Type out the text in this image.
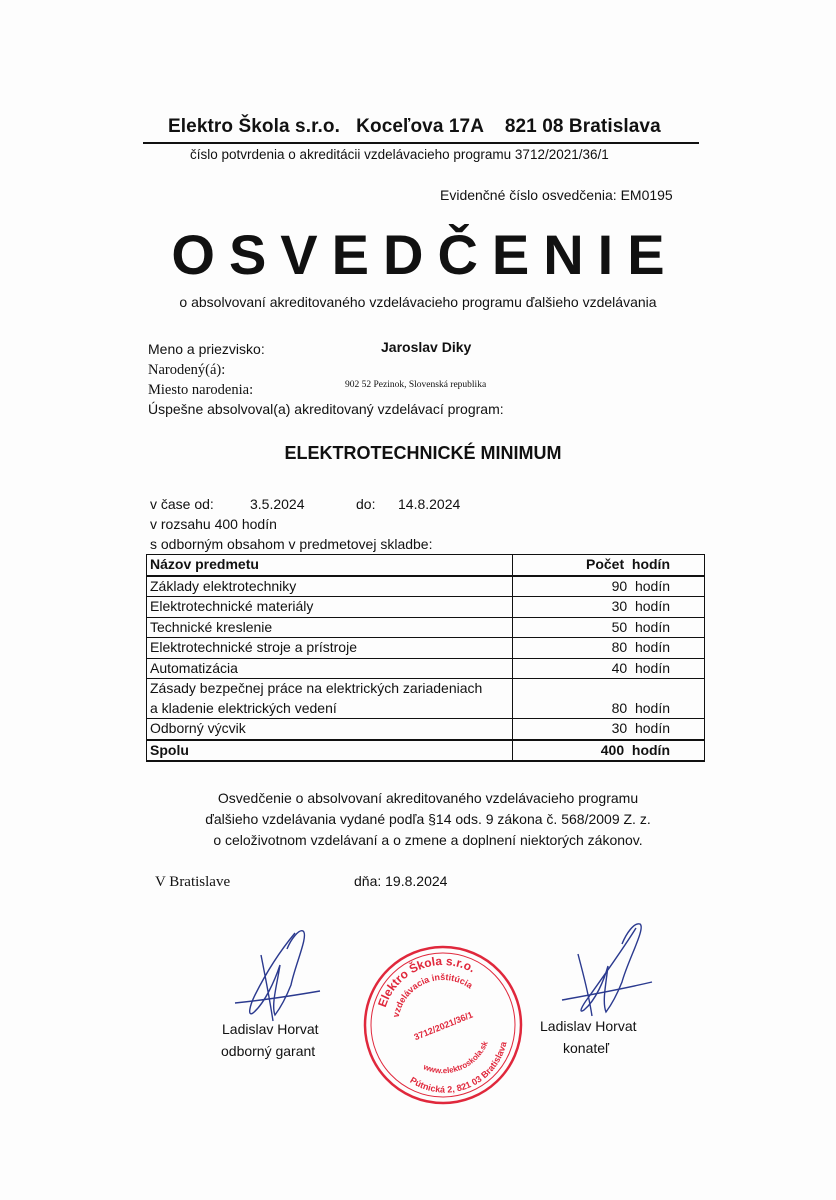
Elektro Škola s.r.o. Koceľova 17A 821 08 Bratislava
číslo potvrdenia o akreditácii vzdelávacieho programu 3712/2021/36/1
Evidenčné číslo osvedčenia: EM0195
OSVEDČENIE
o absolvovaní akreditovaného vzdelávacieho programu ďalšieho vzdelávania
Meno a priezvisko:	Jaroslav Diky
Narodený(á):
Miesto narodenia:	902 52 Pezinok, Slovenská republika
Úspešne absolvoval(a) akreditovaný vzdelávací program:
ELEKTROTECHNICKÉ MINIMUM
v čase od:	3.5.2024	do: 14.8.2024
v rozsahu 400 hodín
s odborným obsahom v predmetovej skladbe:
Názov predmetu	Počet  hodín
Základy elektrotechniky	90  hodín
Elektrotechnické materiály	30  hodín
Technické kreslenie	50  hodín
Elektrotechnické stroje a prístroje	80  hodín
Automatizácia	40  hodín
Zásady bezpečnej práce na elektrických zariadeniach	
a kladenie elektrických vedení	80  hodín
Odborný výcvik	30  hodín
Spolu	400  hodín
Osvedčenie o absolvovaní akreditovaného vzdelávacieho programu
ďalšieho vzdelávania vydané podľa §14 ods. 9 zákona č. 568/2009 Z. z.
o celoživotnom vzdelávaní a o zmene a doplnení niektorých zákonov.
V Bratislave	dňa: 19.8.2024
Ladislav Horvat
odborný garant
Elektro Škola s.r.o.
vzdelávacia inštitúcia
3712/2021/36/1
www.elektroskola.sk
Pútnická 2, 821 03 Bratislava
Ladislav Horvat
konateľ
